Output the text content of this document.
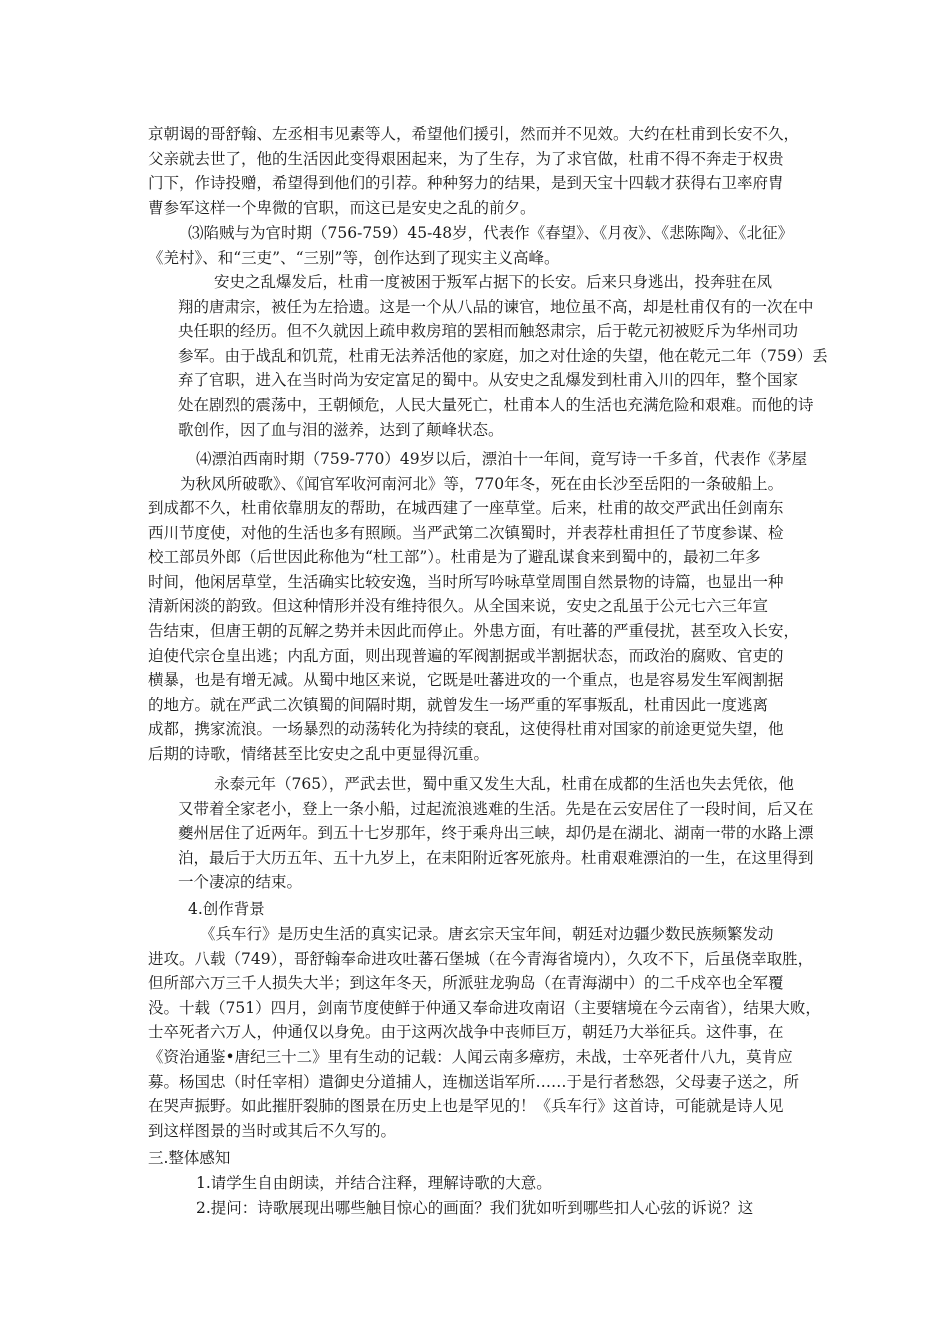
京朝谒的哥舒翰、左丞相韦见素等人，希望他们援引，然而并不见效。大约在杜甫到长安不久，
父亲就去世了，他的生活因此变得艰困起来，为了生存，为了求官做，杜甫不得不奔走于权贵
门下，作诗投赠，希望得到他们的引荐。种种努力的结果，是到天宝十四载才获得右卫率府胄
曹参军这样一个卑微的官职，而这已是安史之乱的前夕。
⑶陷贼与为官时期（756-759）45-48岁，代表作《春望》、《月夜》、《悲陈陶》、《北征》
《羌村》、和“三吏”、“三别”等，创作达到了现实主义高峰。
安史之乱爆发后，杜甫一度被困于叛军占据下的长安。后来只身逃出，投奔驻在凤
翔的唐肃宗，被任为左拾遗。这是一个从八品的谏官，地位虽不高，却是杜甫仅有的一次在中
央任职的经历。但不久就因上疏申救房琯的罢相而触怒肃宗，后于乾元初被贬斥为华州司功
参军。由于战乱和饥荒，杜甫无法养活他的家庭，加之对仕途的失望，他在乾元二年（759）丢
弃了官职，进入在当时尚为安定富足的蜀中。从安史之乱爆发到杜甫入川的四年，整个国家
处在剧烈的震荡中，王朝倾危，人民大量死亡，杜甫本人的生活也充满危险和艰难。而他的诗
歌创作，因了血与泪的滋养，达到了颠峰状态。
⑷漂泊西南时期（759-770）49岁以后，漂泊十一年间，竟写诗一千多首，代表作《茅屋
为秋风所破歌》、《闻官军收河南河北》等，770年冬，死在由长沙至岳阳的一条破船上。
到成都不久，杜甫依靠朋友的帮助，在城西建了一座草堂。后来，杜甫的故交严武出任剑南东
西川节度使，对他的生活也多有照顾。当严武第二次镇蜀时，并表荐杜甫担任了节度参谋、检
校工部员外郎（后世因此称他为“杜工部”）。杜甫是为了避乱谋食来到蜀中的，最初二年多
时间，他闲居草堂，生活确实比较安逸，当时所写吟咏草堂周围自然景物的诗篇，也显出一种
清新闲淡的韵致。但这种情形并没有维持很久。从全国来说，安史之乱虽于公元七六三年宣
告结束，但唐王朝的瓦解之势并未因此而停止。外患方面，有吐蕃的严重侵扰，甚至攻入长安，
迫使代宗仓皇出逃；内乱方面，则出现普遍的军阀割据或半割据状态，而政治的腐败、官吏的
横暴，也是有增无减。从蜀中地区来说，它既是吐蕃进攻的一个重点，也是容易发生军阀割据
的地方。就在严武二次镇蜀的间隔时期，就曾发生一场严重的军事叛乱，杜甫因此一度逃离
成都，携家流浪。一场暴烈的动荡转化为持续的衰乱，这使得杜甫对国家的前途更觉失望，他
后期的诗歌，情绪甚至比安史之乱中更显得沉重。
永泰元年（765），严武去世，蜀中重又发生大乱，杜甫在成都的生活也失去凭依，他
又带着全家老小，登上一条小船，过起流浪逃难的生活。先是在云安居住了一段时间，后又在
夔州居住了近两年。到五十七岁那年，终于乘舟出三峡，却仍是在湖北、湖南一带的水路上漂
泊，最后于大历五年、五十九岁上，在耒阳附近客死旅舟。杜甫艰难漂泊的一生，在这里得到
一个凄凉的结束。
4.创作背景
《兵车行》是历史生活的真实记录。唐玄宗天宝年间，朝廷对边疆少数民族频繁发动
进攻。八载（749），哥舒翰奉命进攻吐蕃石堡城（在今青海省境内），久攻不下，后虽侥幸取胜，
但所部六万三千人损失大半；到这年冬天，所派驻龙驹岛（在青海湖中）的二千戍卒也全军覆
没。十载（751）四月，剑南节度使鲜于仲通又奉命进攻南诏（主要辖境在今云南省），结果大败，
士卒死者六万人，仲通仅以身免。由于这两次战争中丧师巨万，朝廷乃大举征兵。这件事，在
《资治通鉴•唐纪三十二》里有生动的记载：人闻云南多瘴疠，未战，士卒死者什八九，莫肯应
募。杨国忠（时任宰相）遣御史分道捕人，连枷送诣军所……于是行者愁怨，父母妻子送之，所
在哭声振野。如此摧肝裂肺的图景在历史上也是罕见的！《兵车行》这首诗，可能就是诗人见
到这样图景的当时或其后不久写的。
三.整体感知
1.请学生自由朗读，并结合注释，理解诗歌的大意。
2.提问：诗歌展现出哪些触目惊心的画面？我们犹如听到哪些扣人心弦的诉说？这
